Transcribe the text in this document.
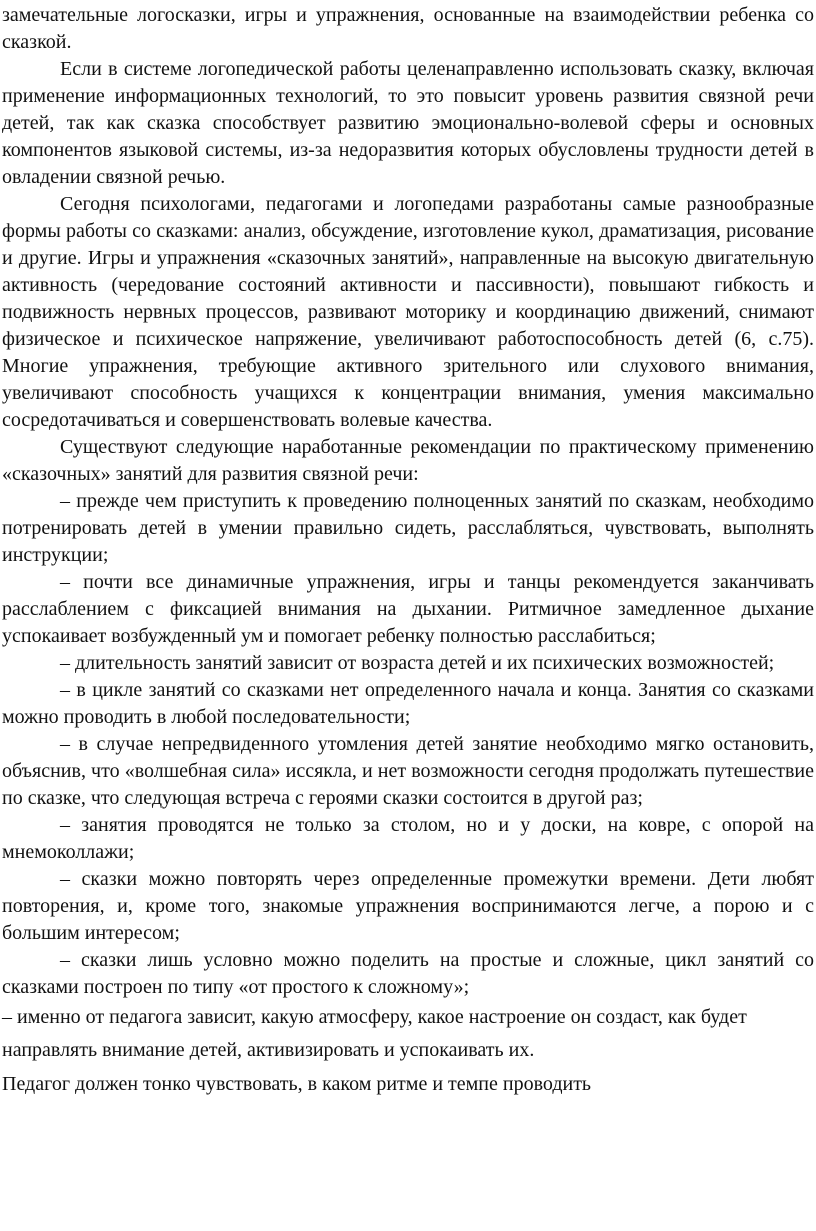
замечательные логосказки, игры и упражнения, основанные на взаимодействии ребенка со сказкой.

Если в системе логопедической работы целенаправленно использовать сказку, включая применение информационных технологий, то это повысит уровень развития связной речи детей, так как сказка способствует развитию эмоционально-волевой сферы и основных компонентов языковой системы, из-за недоразвития которых обусловлены трудности детей в овладении связной речью.

Сегодня психологами, педагогами и логопедами разработаны самые разнообразные формы работы со сказками: анализ, обсуждение, изготовление кукол, драматизация, рисование и другие. Игры и упражнения «сказочных занятий», направленные на высокую двигательную активность (чередование состояний активности и пассивности), повышают гибкость и подвижность нервных процессов, развивают моторику и координацию движений, снимают физическое и психическое напряжение, увеличивают работоспособность детей (6, с.75). Многие упражнения, требующие активного зрительного или слухового внимания, увеличивают способность учащихся к концентрации внимания, умения максимально сосредотачиваться и совершенствовать волевые качества.

Существуют следующие наработанные рекомендации по практическому применению «сказочных» занятий для развития связной речи:

– прежде чем приступить к проведению полноценных занятий по сказкам, необходимо потренировать детей в умении правильно сидеть, расслабляться, чувствовать, выполнять инструкции;

– почти все динамичные упражнения, игры и танцы рекомендуется заканчивать расслаблением с фиксацией внимания на дыхании. Ритмичное замедленное дыхание успокаивает возбужденный ум и помогает ребенку полностью расслабиться;

– длительность занятий зависит от возраста детей и их психических возможностей;

– в цикле занятий со сказками нет определенного начала и конца. Занятия со сказками можно проводить в любой последовательности;

– в случае непредвиденного утомления детей занятие необходимо мягко остановить, объяснив, что «волшебная сила» иссякла, и нет возможности сегодня продолжать путешествие по сказке, что следующая встреча с героями сказки состоится в другой раз;

– занятия проводятся не только за столом, но и у доски, на ковре, с опорой на мнемоколлажи;

– сказки можно повторять через определенные промежутки времени. Дети любят повторения, и, кроме того, знакомые упражнения воспринимаются легче, а порою и с большим интересом;

– сказки лишь условно можно поделить на простые и сложные, цикл занятий со сказками построен по типу «от простого к сложному»;

– именно от педагога зависит, какую атмосферу, какое настроение он создаст, как будет направлять внимание детей, активизировать и успокаивать их.

Педагог должен тонко чувствовать, в каком ритме и темпе проводить
